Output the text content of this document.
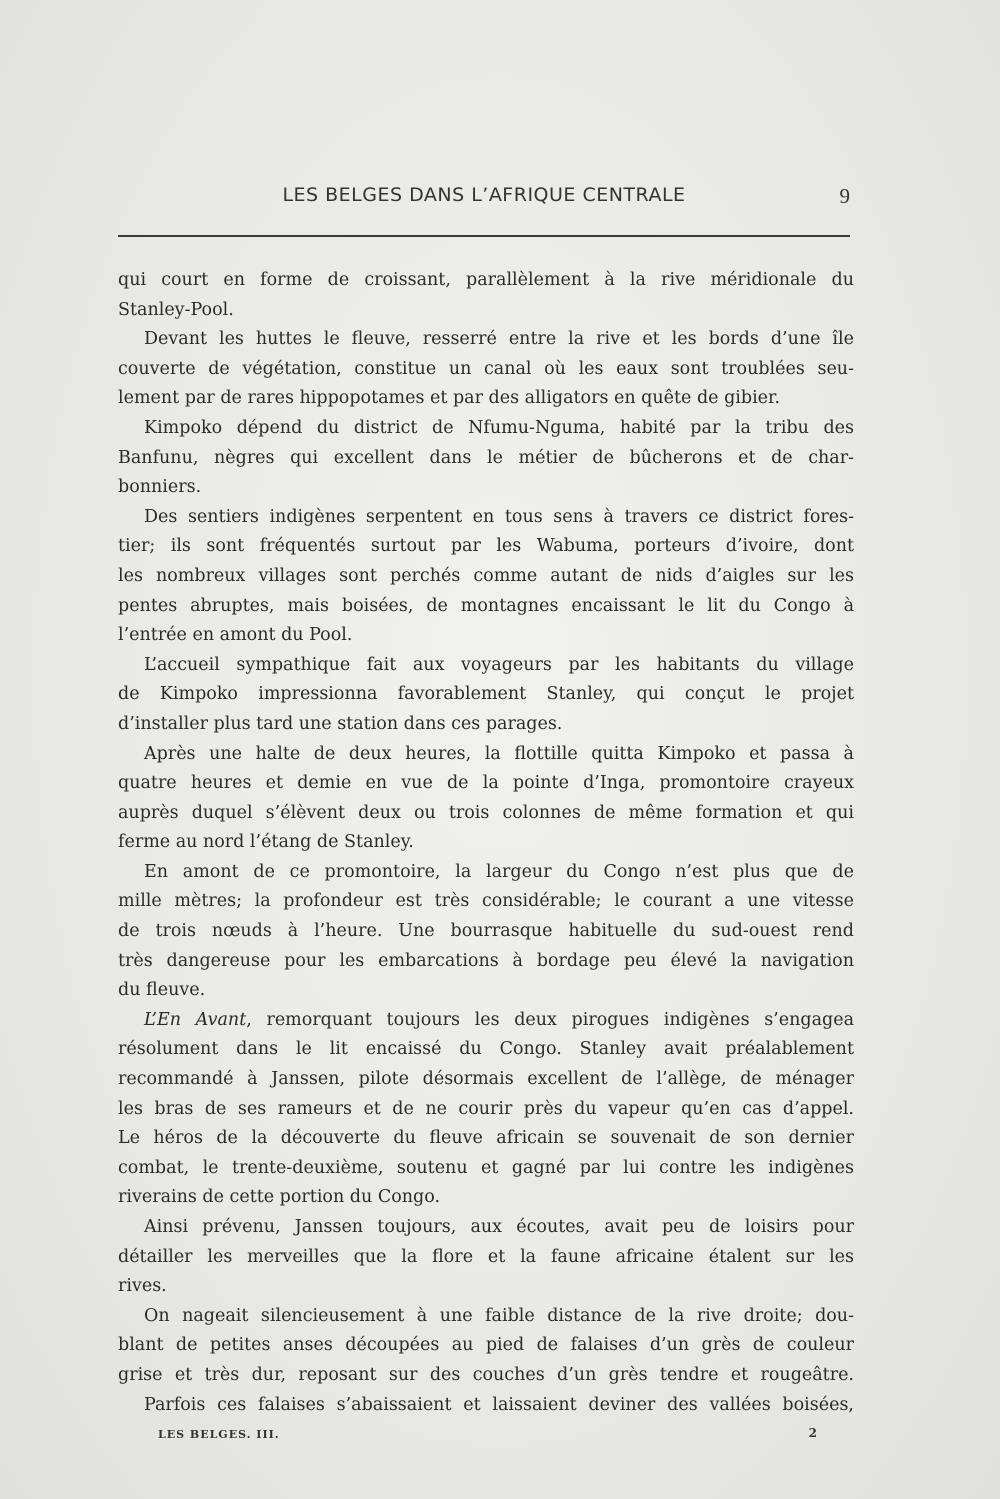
LES BELGES DANS L’AFRIQUE CENTRALE	9
qui court en forme de croissant, parallèlement à la rive méridionale du
Stanley-Pool.
Devant les huttes le fleuve, resserré entre la rive et les bords d’une île
couverte de végétation, constitue un canal où les eaux sont troublées seu-
lement par de rares hippopotames et par des alligators en quête de gibier.
Kimpoko dépend du district de Nfumu-Nguma, habité par la tribu des
Banfunu, nègres qui excellent dans le métier de bûcherons et de char-
bonniers.
Des sentiers indigènes serpentent en tous sens à travers ce district fores-
tier; ils sont fréquentés surtout par les Wabuma, porteurs d’ivoire, dont
les nombreux villages sont perchés comme autant de nids d’aigles sur les
pentes abruptes, mais boisées, de montagnes encaissant le lit du Congo à
l’entrée en amont du Pool.
L’accueil sympathique fait aux voyageurs par les habitants du village
de Kimpoko impressionna favorablement Stanley, qui conçut le projet
d’installer plus tard une station dans ces parages.
Après une halte de deux heures, la flottille quitta Kimpoko et passa à
quatre heures et demie en vue de la pointe d’Inga, promontoire crayeux
auprès duquel s’élèvent deux ou trois colonnes de même formation et qui
ferme au nord l’étang de Stanley.
En amont de ce promontoire, la largeur du Congo n’est plus que de
mille mètres; la profondeur est très considérable; le courant a une vitesse
de trois nœuds à l’heure. Une bourrasque habituelle du sud-ouest rend
très dangereuse pour les embarcations à bordage peu élevé la navigation
du fleuve.
L’En Avant, remorquant toujours les deux pirogues indigènes s’engagea
résolument dans le lit encaissé du Congo. Stanley avait préalablement
recommandé à Janssen, pilote désormais excellent de l’allège, de ménager
les bras de ses rameurs et de ne courir près du vapeur qu’en cas d’appel.
Le héros de la découverte du fleuve africain se souvenait de son dernier
combat, le trente-deuxième, soutenu et gagné par lui contre les indigènes
riverains de cette portion du Congo.
Ainsi prévenu, Janssen toujours, aux écoutes, avait peu de loisirs pour
détailler les merveilles que la flore et la faune africaine étalent sur les
rives.
On nageait silencieusement à une faible distance de la rive droite; dou-
blant de petites anses découpées au pied de falaises d’un grès de couleur
grise et très dur, reposant sur des couches d’un grès tendre et rougeâtre.
Parfois ces falaises s’abaissaient et laissaient deviner des vallées boisées,
LES BELGES. III.	2
